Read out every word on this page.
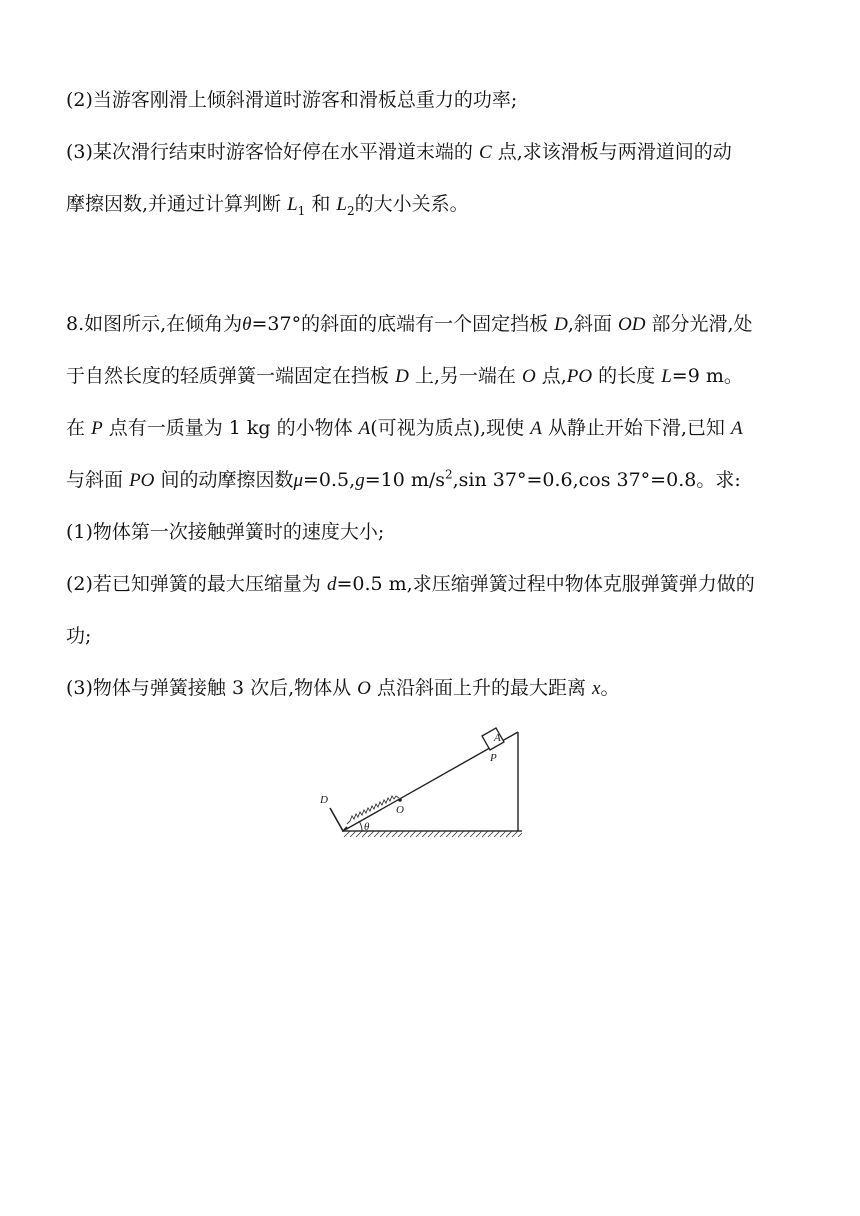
(2)当游客刚滑上倾斜滑道时游客和滑板总重力的功率;
(3)某次滑行结束时游客恰好停在水平滑道末端的 C 点,求该滑板与两滑道间的动
摩擦因数,并通过计算判断 $L_1$ 和 $L_2$的大小关系。
8.如图所示,在倾角为θ=37°的斜面的底端有一个固定挡板 D,斜面 OD 部分光滑,处
于自然长度的轻质弹簧一端固定在挡板 D 上,另一端在 O 点,PO 的长度 L=9 m。
在 P 点有一质量为 1 kg 的小物体 A(可视为质点),现使 A 从静止开始下滑,已知 A
与斜面 PO 间的动摩擦因数μ=0.5,g=10 $m/s^2,\sin$ 37°=0.6,cos 37°=0.8。求:
(1)物体第一次接触弹簧时的速度大小;
(2)若已知弹簧的最大压缩量为 d=0.5 m,求压缩弹簧过程中物体克服弹簧弹力做的
功;
(3)物体与弹簧接触 3 次后,物体从 O 点沿斜面上升的最大距离 x。
A
P
D
O
θ
